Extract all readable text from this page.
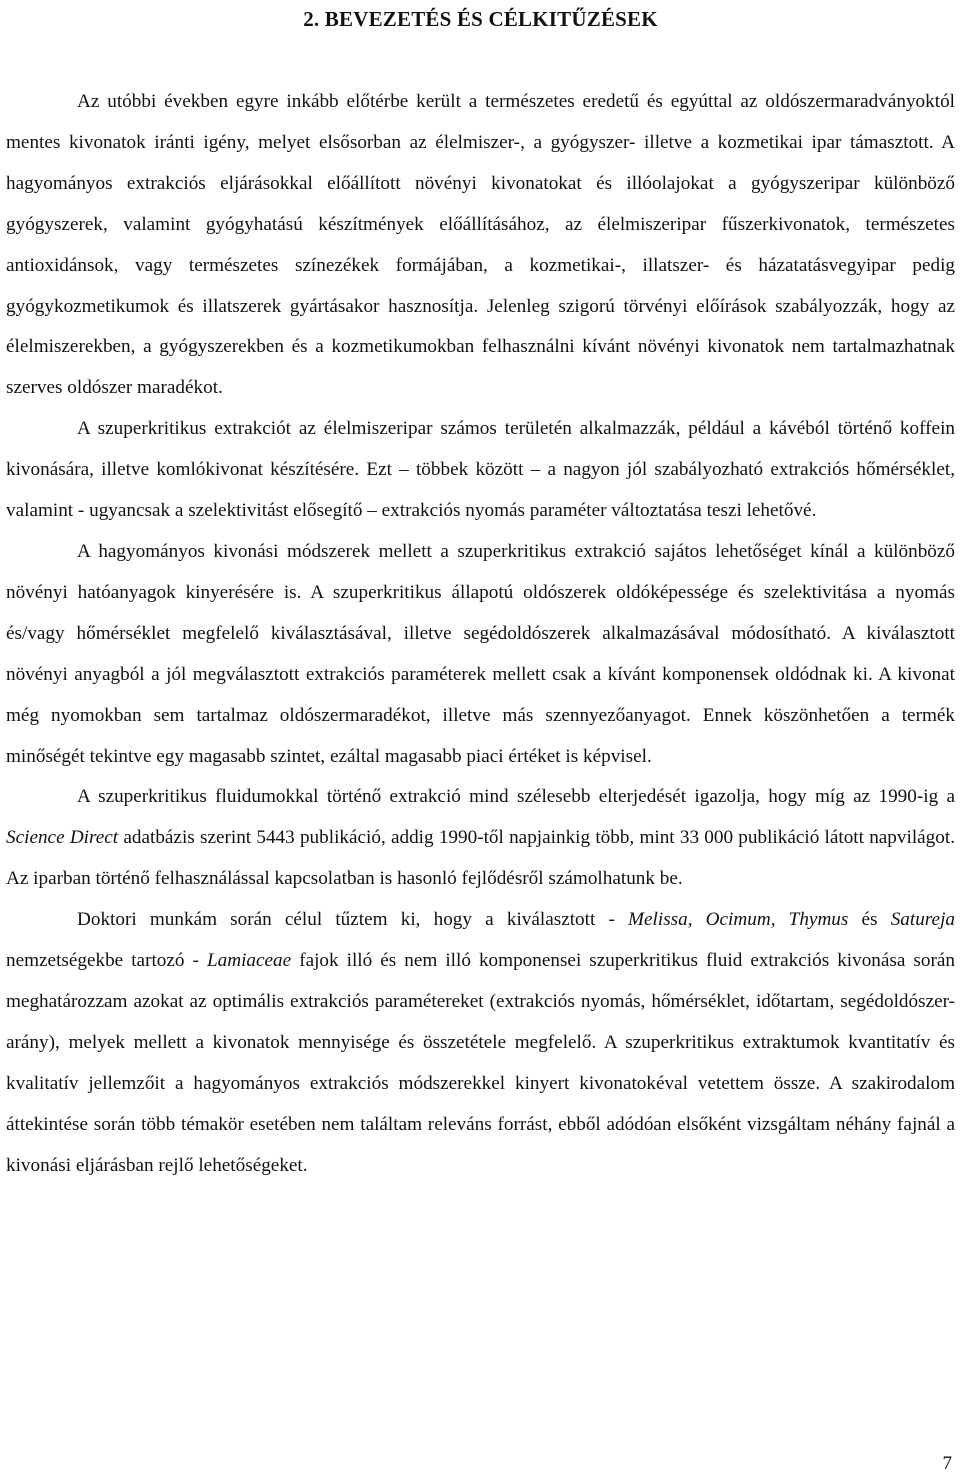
2. BEVEZETÉS ÉS CÉLKITŰZÉSEK

Az utóbbi években egyre inkább előtérbe került a természetes eredetű és egyúttal az oldószermaradványoktól mentes kivonatok iránti igény, melyet elsősorban az élelmiszer-, a gyógyszer- illetve a kozmetikai ipar támasztott. A hagyományos extrakciós eljárásokkal előállított növényi kivonatokat és illóolajokat a gyógyszeripar különböző gyógyszerek, valamint gyógyhatású készítmények előállításához, az élelmiszeripar fűszerkivonatok, természetes antioxidánsok, vagy természetes színezékek formájában, a kozmetikai-, illatszer- és házatatásvegyipar pedig gyógykozmetikumok és illatszerek gyártásakor hasznosítja. Jelenleg szigorú törvényi előírások szabályozzák, hogy az élelmiszerekben, a gyógyszerekben és a kozmetikumokban felhasználni kívánt növényi kivonatok nem tartalmazhatnak szerves oldószer maradékot.

A szuperkritikus extrakciót az élelmiszeripar számos területén alkalmazzák, például a kávéból történő koffein kivonására, illetve komlókivonat készítésére. Ezt – többek között – a nagyon jól szabályozható extrakciós hőmérséklet, valamint - ugyancsak a szelektivitást elősegítő – extrakciós nyomás paraméter változtatása teszi lehetővé.

A hagyományos kivonási módszerek mellett a szuperkritikus extrakció sajátos lehetőséget kínál a különböző növényi hatóanyagok kinyerésére is. A szuperkritikus állapotú oldószerek oldóképessége és szelektivitása a nyomás és/vagy hőmérséklet megfelelő kiválasztásával, illetve segédoldószerek alkalmazásával módosítható. A kiválasztott növényi anyagból a jól megválasztott extrakciós paraméterek mellett csak a kívánt komponensek oldódnak ki. A kivonat még nyomokban sem tartalmaz oldószermaradékot, illetve más szennyezőanyagot. Ennek köszönhetően a termék minőségét tekintve egy magasabb szintet, ezáltal magasabb piaci értéket is képvisel.

A szuperkritikus fluidumokkal történő extrakció mind szélesebb elterjedését igazolja, hogy míg az 1990-ig a Science Direct adatbázis szerint 5443 publikáció, addig 1990-től napjainkig több, mint 33 000 publikáció látott napvilágot. Az iparban történő felhasználással kapcsolatban is hasonló fejlődésről számolhatunk be.

Doktori munkám során célul tűztem ki, hogy a kiválasztott - Melissa, Ocimum, Thymus és Satureja nemzetségekbe tartozó - Lamiaceae fajok illó és nem illó komponensei szuperkritikus fluid extrakciós kivonása során meghatározzam azokat az optimális extrakciós paramétereket (extrakciós nyomás, hőmérséklet, időtartam, segédoldószer-arány), melyek mellett a kivonatok mennyisége és összetétele megfelelő. A szuperkritikus extraktumok kvantitatív és kvalitatív jellemzőit a hagyományos extrakciós módszerekkel kinyert kivonatokéval vetettem össze. A szakirodalom áttekintése során több témakör esetében nem találtam releváns forrást, ebből adódóan elsőként vizsgáltam néhány fajnál a kivonási eljárásban rejlő lehetőségeket.

7
